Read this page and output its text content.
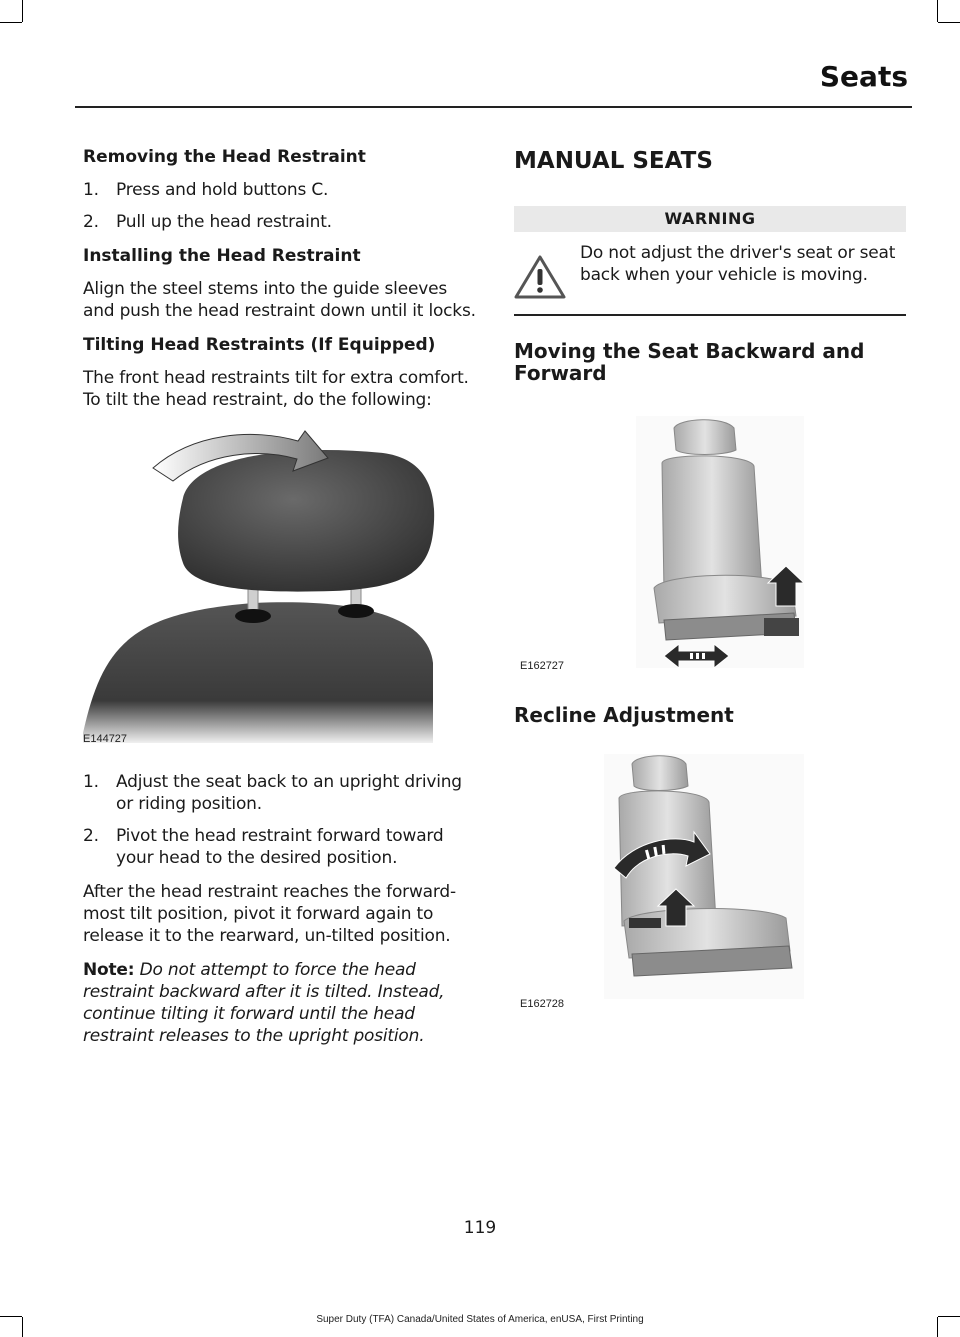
Seats
Removing the Head Restraint
1. Press and hold buttons C.
2. Pull up the head restraint.
Installing the Head Restraint

Align the steel stems into the guide sleeves and push the head restraint down until it locks.

Tilting Head Restraints (If Equipped)

The front head restraints tilt for extra comfort. To tilt the head restraint, do the following:

E144727
1. Adjust the seat back to an upright driving or riding position.
2. Pivot the head restraint forward toward your head to the desired position.

After the head restraint reaches the forward-most tilt position, pivot it forward again to release it to the rearward, un-tilted position.

Note: Do not attempt to force the head restraint backward after it is tilted. Instead, continue tilting it forward until the head restraint releases to the upright position.

MANUAL SEATS
WARNING
Do not adjust the driver's seat or seat back when your vehicle is moving.
Moving the Seat Backward and Forward
E162727
Recline Adjustment
E162728
119
Super Duty (TFA) Canada/United States of America, enUSA, First Printing
